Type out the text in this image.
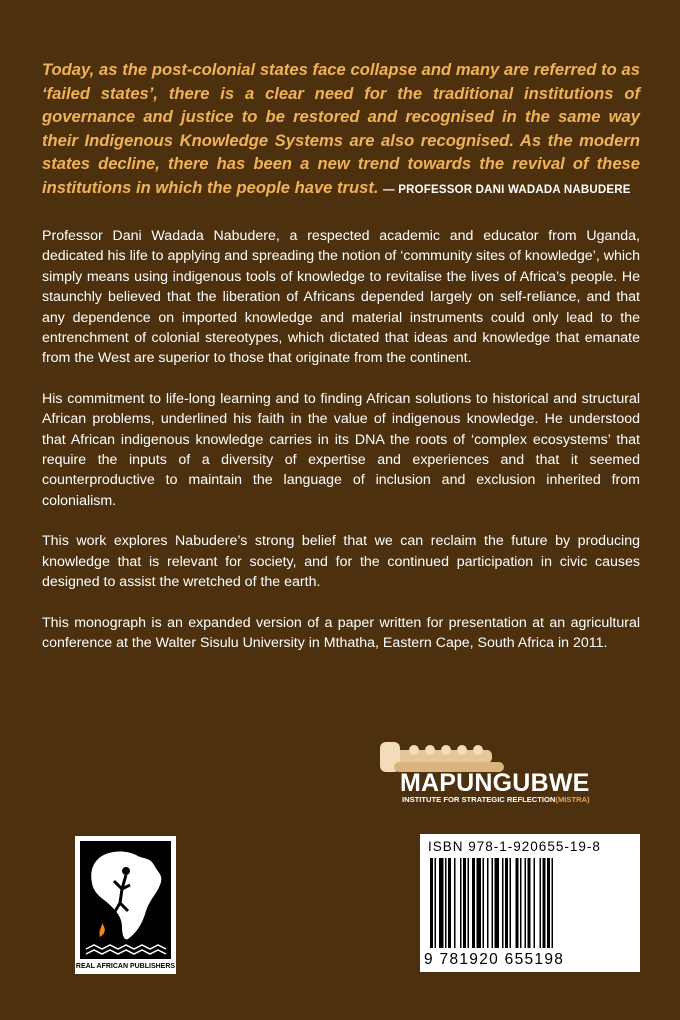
Today, as the post-colonial states face collapse and many are referred to as ‘failed states’, there is a clear need for the traditional institutions of governance and justice to be restored and recognised in the same way their Indigenous Knowledge Systems are also recognised. As the modern states decline, there has been a new trend towards the revival of these institutions in which the people have trust. — PROFESSOR DANI WADADA NABUDERE

Professor Dani Wadada Nabudere, a respected academic and educator from Uganda, dedicated his life to applying and spreading the notion of ‘community sites of knowledge’, which simply means using indigenous tools of knowledge to revitalise the lives of Africa’s people. He staunchly believed that the liberation of Africans depended largely on self-reliance, and that any dependence on imported knowledge and material instruments could only lead to the entrenchment of colonial stereotypes, which dictated that ideas and knowledge that emanate from the West are superior to those that originate from the continent.

His commitment to life-long learning and to finding African solutions to historical and structural African problems, underlined his faith in the value of indigenous knowledge. He understood that African indigenous knowledge carries in its DNA the roots of ‘complex ecosystems’ that require the inputs of a diversity of expertise and experiences and that it seemed counterproductive to maintain the language of inclusion and exclusion inherited from colonialism.

This work explores Nabudere’s strong belief that we can reclaim the future by producing knowledge that is relevant for society, and for the continued participation in civic causes designed to assist the wretched of the earth.

This monograph is an expanded version of a paper written for presentation at an agricultural conference at the Walter Sisulu University in Mthatha, Eastern Cape, South Africa in 2011.

MAPUNGUBWE
INSTITUTE FOR STRATEGIC REFLECTION(MISTRA)
REAL AFRICAN PUBLISHERS
ISBN 978-1-920655-19-8
9 781920 655198
